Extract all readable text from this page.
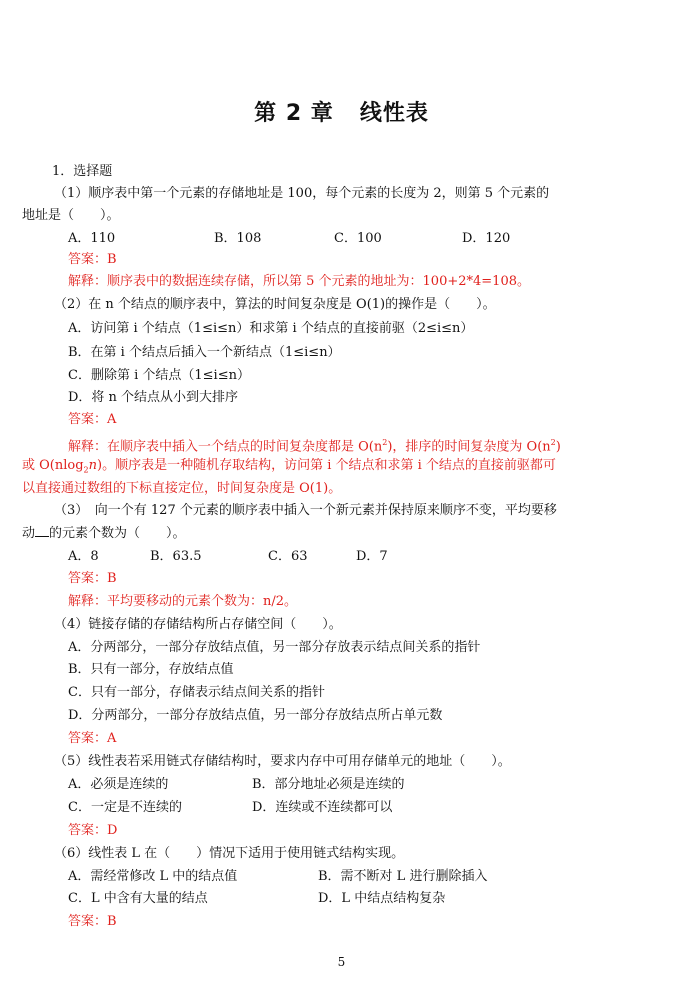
第 2 章 线性表
1．选择题
（1）顺序表中第一个元素的存储地址是 100，每个元素的长度为 2，则第 5 个元素的
地址是（　　）。
A．110	B．108	C．100	D．120
答案：B
解释：顺序表中的数据连续存储，所以第 5 个元素的地址为：100+2*4=108。
（2）在 n 个结点的顺序表中，算法的时间复杂度是 O(1)的操作是（　　）。
A．访问第 i 个结点（1≤i≤n）和求第 i 个结点的直接前驱（2≤i≤n）
B．在第 i 个结点后插入一个新结点（1≤i≤n）
C．删除第 i 个结点（1≤i≤n）
D．将 n 个结点从小到大排序
答案：A
解释：在顺序表中插入一个结点的时间复杂度都是 $O(n^2)$，排序的时间复杂度为 $O(n^2)$
或 O(nlog$_2$n)。顺序表是一种随机存取结构，访问第 i 个结点和求第 i 个结点的直接前驱都可
以直接通过数组的下标直接定位，时间复杂度是 O(1)。
（3）　向一个有 127 个元素的顺序表中插入一个新元素并保持原来顺序不变，平均要移
动 的元素个数为（　　）。
A．8	B．63.5	C．63	D．7
答案：B
解释：平均要移动的元素个数为：n/2。
（4）链接存储的存储结构所占存储空间（　　）。
A．分两部分，一部分存放结点值，另一部分存放表示结点间关系的指针
B．只有一部分，存放结点值
C．只有一部分，存储表示结点间关系的指针
D．分两部分，一部分存放结点值，另一部分存放结点所占单元数
答案：A
（5）线性表若采用链式存储结构时，要求内存中可用存储单元的地址（　　）。
A．必须是连续的	B．部分地址必须是连续的
C．一定是不连续的	D．连续或不连续都可以
答案：D
（6）线性表 L 在（　　）情况下适用于使用链式结构实现。
A．需经常修改 L 中的结点值	B．需不断对 L 进行删除插入
C．L 中含有大量的结点	D．L 中结点结构复杂
答案：B
5
